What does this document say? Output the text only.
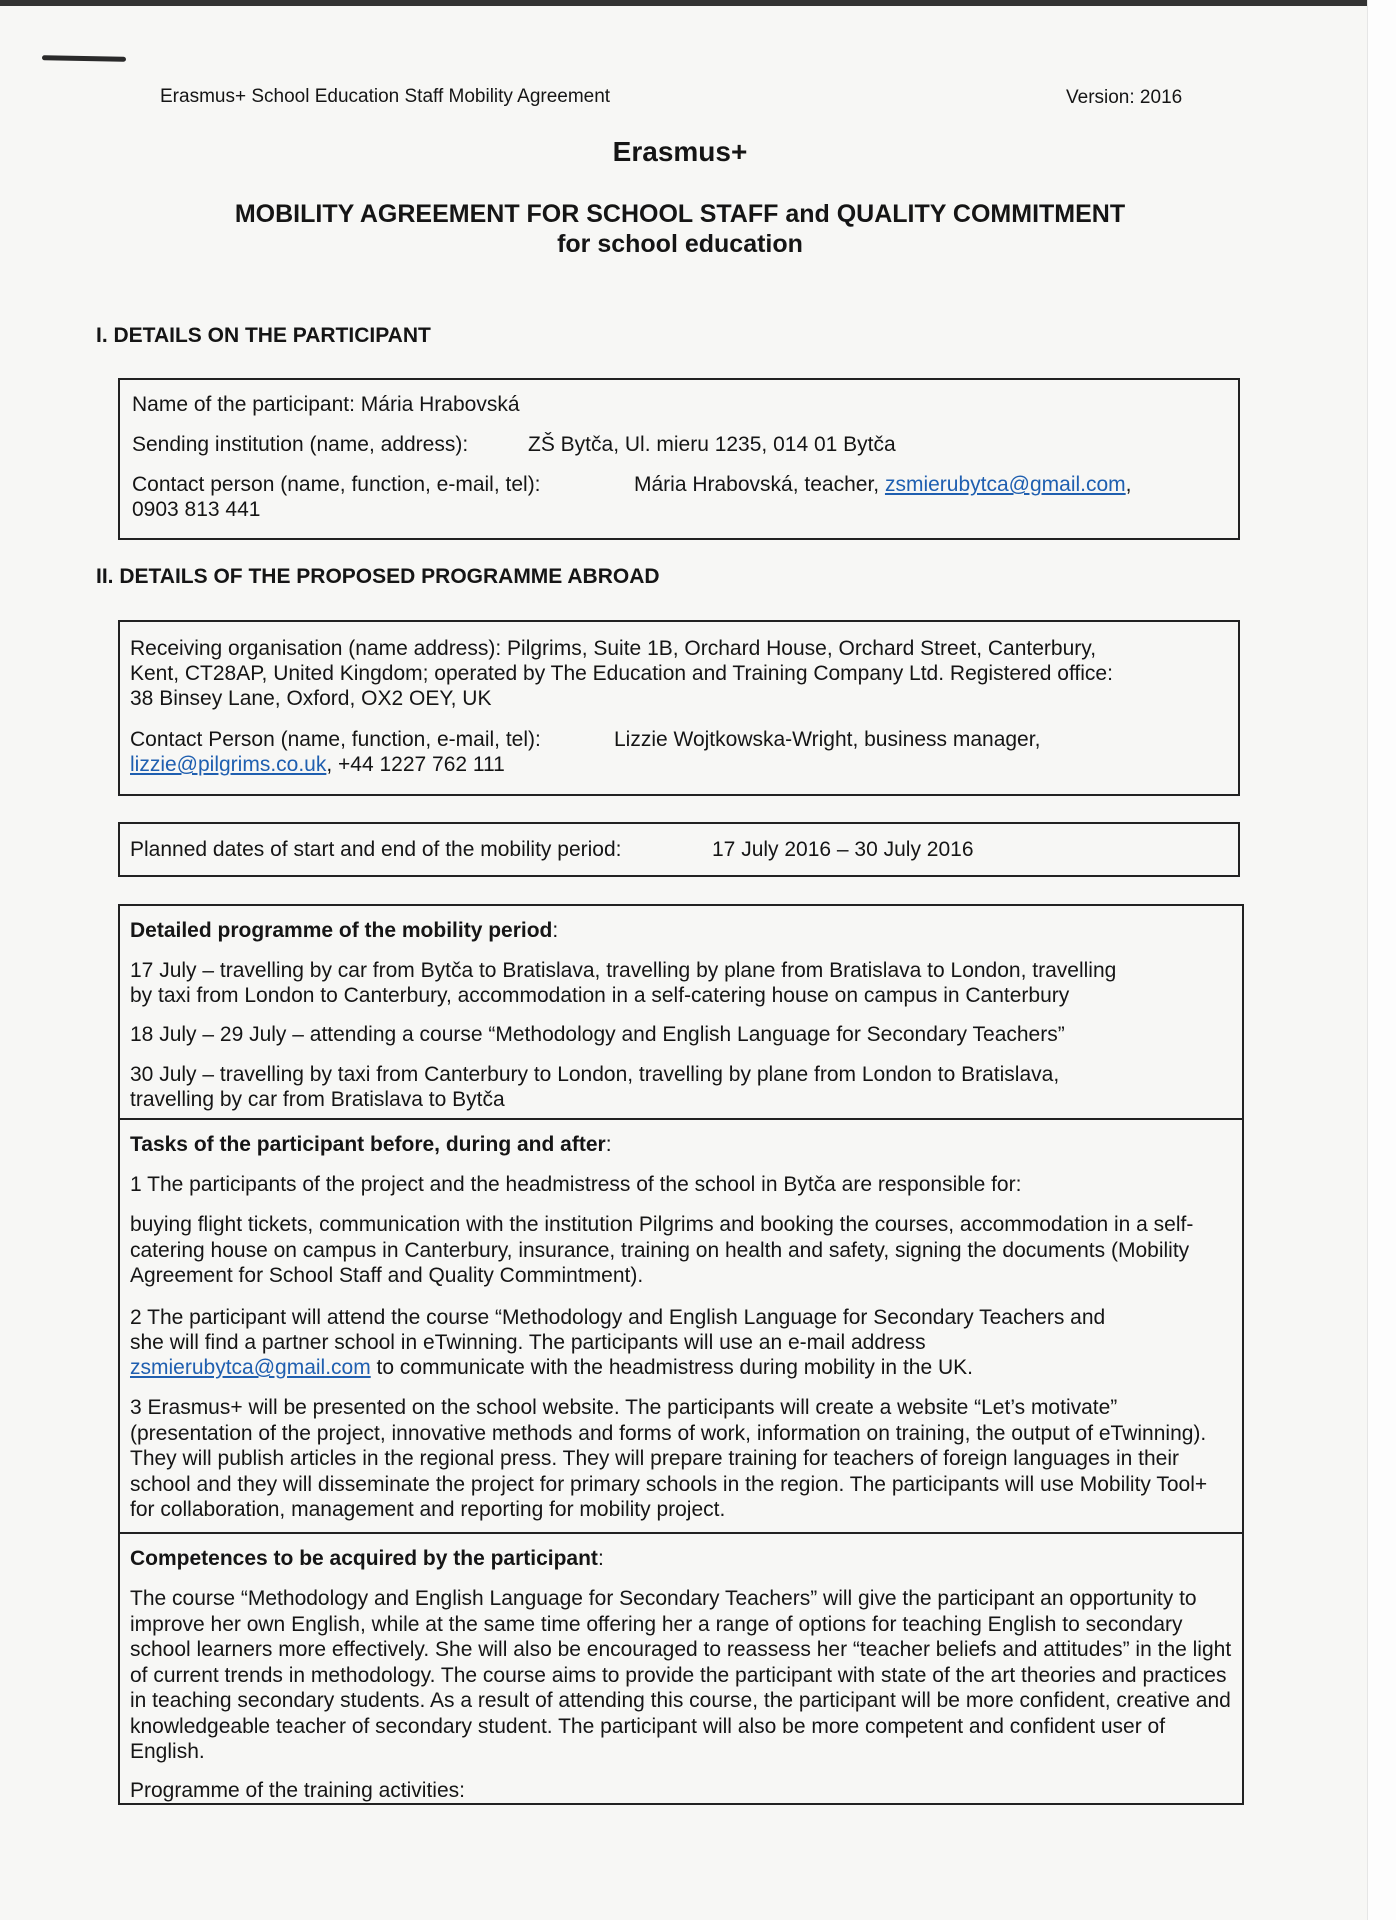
Erasmus+ School Education Staff Mobility Agreement	Version: 2016
Erasmus+
MOBILITY AGREEMENT FOR SCHOOL STAFF and QUALITY COMMITMENT
for school education
I. DETAILS ON THE PARTICIPANT
Name of the participant: Mária Hrabovská
Sending institution (name, address):	ZŠ Bytča, Ul. mieru 1235, 014 01 Bytča
Contact person (name, function, e-mail, tel):	Mária Hrabovská, teacher, zsmierubytca@gmail.com,
0903 813 441
II. DETAILS OF THE PROPOSED PROGRAMME ABROAD
Receiving organisation (name address): Pilgrims, Suite 1B, Orchard House, Orchard Street, Canterbury,
Kent, CT28AP, United Kingdom; operated by The Education and Training Company Ltd. Registered office:
38 Binsey Lane, Oxford, OX2 OEY, UK
Contact Person (name, function, e-mail, tel):	Lizzie Wojtkowska-Wright, business manager,
lizzie@pilgrims.co.uk, +44 1227 762 111
Planned dates of start and end of the mobility period:	17 July 2016 – 30 July 2016
Detailed programme of the mobility period:
17 July – travelling by car from Bytča to Bratislava, travelling by plane from Bratislava to London, travelling
by taxi from London to Canterbury, accommodation in a self-catering house on campus in Canterbury
18 July – 29 July – attending a course “Methodology and English Language for Secondary Teachers”
30 July – travelling by taxi from Canterbury to London, travelling by plane from London to Bratislava,
travelling by car from Bratislava to Bytča
Tasks of the participant before, during and after:
1 The participants of the project and the headmistress of the school in Bytča are responsible for:
buying flight tickets, communication with the institution Pilgrims and booking the courses, accommodation in a self-catering house on campus in Canterbury, insurance, training on health and safety, signing the documents (Mobility Agreement for School Staff and Quality Commintment).
2 The participant will attend the course “Methodology and English Language for Secondary Teachers and
she will find a partner school in eTwinning. The participants will use an e-mail address
zsmierubytca@gmail.com to communicate with the headmistress during mobility in the UK.
3 Erasmus+ will be presented on the school website. The participants will create a website “Let’s motivate” (presentation of the project, innovative methods and forms of work, information on training, the output of eTwinning). They will publish articles in the regional press. They will prepare training for teachers of foreign languages in their school and they will disseminate the project for primary schools in the region. The participants will use Mobility Tool+ for collaboration, management and reporting for mobility project.
Competences to be acquired by the participant:
The course “Methodology and English Language for Secondary Teachers” will give the participant an opportunity to improve her own English, while at the same time offering her a range of options for teaching English to secondary school learners more effectively. She will also be encouraged to reassess her “teacher beliefs and attitudes” in the light of current trends in methodology. The course aims to provide the participant with state of the art theories and practices in teaching secondary students. As a result of attending this course, the participant will be more confident, creative and knowledgeable teacher of secondary student. The participant will also be more competent and confident user of English.
Programme of the training activities:
